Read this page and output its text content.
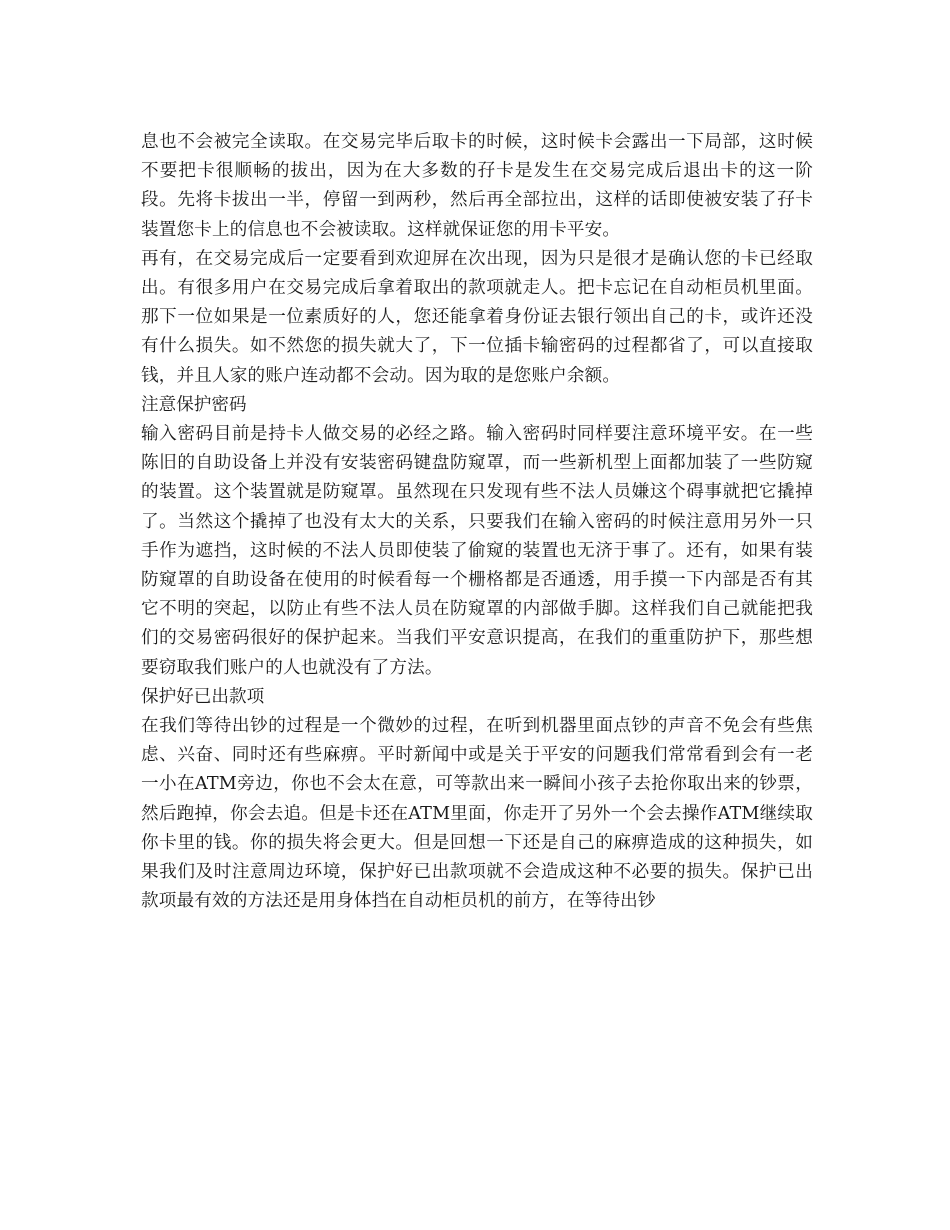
息也不会被完全读取。在交易完毕后取卡的时候，这时候卡会露出一下局部，这时候不要把卡很顺畅的拔出，因为在大多数的孖卡是发生在交易完成后退出卡的这一阶段。先将卡拔出一半，停留一到两秒，然后再全部拉出，这样的话即使被安装了孖卡装置您卡上的信息也不会被读取。这样就保证您的用卡平安。

再有，在交易完成后一定要看到欢迎屏在次出现，因为只是很才是确认您的卡已经取出。有很多用户在交易完成后拿着取出的款项就走人。把卡忘记在自动柜员机里面。那下一位如果是一位素质好的人，您还能拿着身份证去银行领出自己的卡，或许还没有什么损失。如不然您的损失就大了，下一位插卡输密码的过程都省了，可以直接取钱，并且人家的账户连动都不会动。因为取的是您账户余额。

注意保护密码

输入密码目前是持卡人做交易的必经之路。输入密码时同样要注意环境平安。在一些陈旧的自助设备上并没有安装密码键盘防窥罩，而一些新机型上面都加装了一些防窥的装置。这个装置就是防窥罩。虽然现在只发现有些不法人员嫌这个碍事就把它撬掉了。当然这个撬掉了也没有太大的关系，只要我们在输入密码的时候注意用另外一只手作为遮挡，这时候的不法人员即使装了偷窥的装置也无济于事了。还有，如果有装防窥罩的自助设备在使用的时候看每一个栅格都是否通透，用手摸一下内部是否有其它不明的突起，以防止有些不法人员在防窥罩的内部做手脚。这样我们自己就能把我们的交易密码很好的保护起来。当我们平安意识提高，在我们的重重防护下，那些想要窃取我们账户的人也就没有了方法。

保护好已出款项

在我们等待出钞的过程是一个微妙的过程，在听到机器里面点钞的声音不免会有些焦虑、兴奋、同时还有些麻痹。平时新闻中或是关于平安的问题我们常常看到会有一老一小在ATM旁边，你也不会太在意，可等款出来一瞬间小孩子去抢你取出来的钞票，然后跑掉，你会去追。但是卡还在ATM里面，你走开了另外一个会去操作ATM继续取你卡里的钱。你的损失将会更大。但是回想一下还是自己的麻痹造成的这种损失，如果我们及时注意周边环境，保护好已出款项就不会造成这种不必要的损失。保护已出款项最有效的方法还是用身体挡在自动柜员机的前方，在等待出钞
